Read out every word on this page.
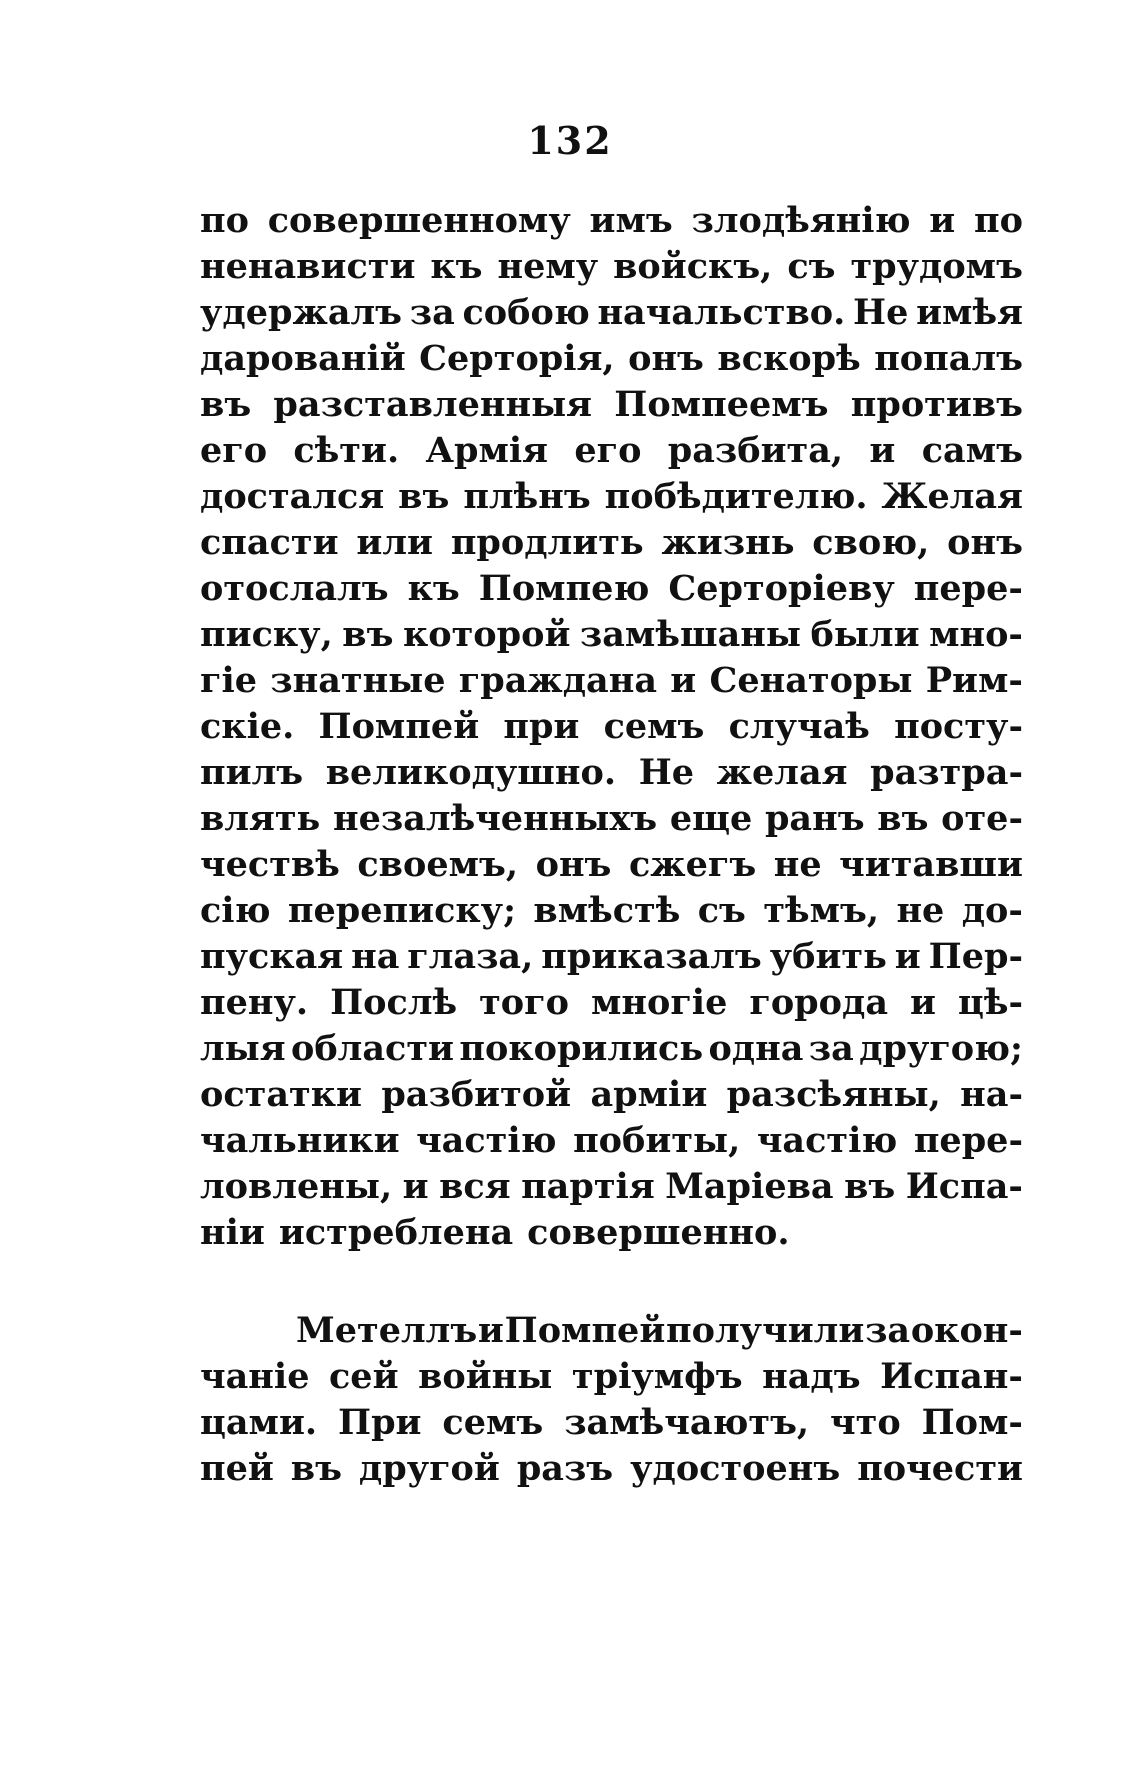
132
по совершенному имъ злодѣянію и по
ненависти къ нему войскъ, съ трудомъ
удержалъ за собою начальство. Не имѣя
дарованій Серторія, онъ вскорѣ попалъ
въ разставленныя Помпеемъ противъ
его сѣти. Армія его разбита, и самъ
достался въ плѣнъ побѣдителю. Желая
спасти или продлить жизнь свою, онъ
отослалъ къ Помпею Серторіеву пере-
писку, въ которой замѣшаны были мно-
гіе знатные граждана и Сенаторы Рим-
скіе. Помпей при семъ случаѣ посту-
пилъ великодушно. Не желая разтра-
влять незалѣченныхъ еще ранъ въ оте-
чествѣ своемъ, онъ сжегъ не читавши
сію переписку; вмѣстѣ съ тѣмъ, не до-
пуская на глаза, приказалъ убить и Пер-
пену. Послѣ того многіе города и цѣ-
лыя области покорились одна за другою;
остатки разбитой арміи разсѣяны, на-
чальники частію побиты, частію пере-
ловлены, и вся партія Маріева въ Испа-
ніи истреблена совершенно.
Метеллъ и Помпей получили за окон-
чаніе сей войны тріумфъ надъ Испан-
цами. При семъ замѣчаютъ, что Пом-
пей въ другой разъ удостоенъ почести
